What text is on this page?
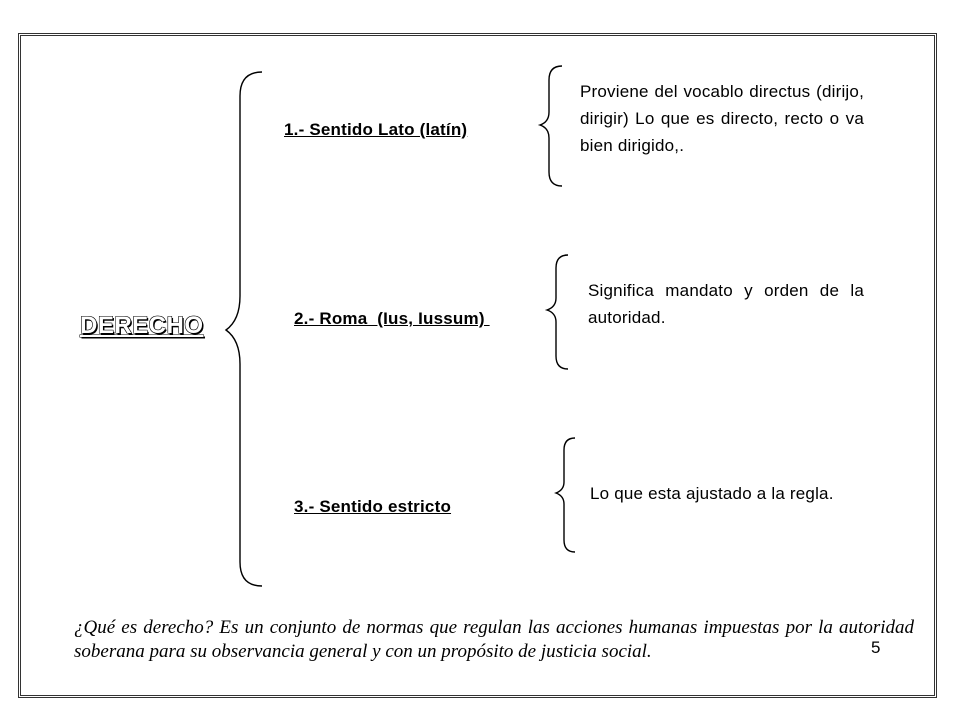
DERECHO
1.- Sentido Lato (latín)
2.- Roma  (Ius, Iussum)
3.- Sentido estricto
Proviene del vocablo directus (dirijo, dirigir) Lo que es directo, recto o va bien dirigido,.
Significa mandato y orden de la autoridad.
Lo que esta ajustado a la regla.
¿Qué es derecho? Es un conjunto de normas que regulan las acciones humanas impuestas por la autoridad soberana para su observancia general y con un propósito de justicia social.	5
